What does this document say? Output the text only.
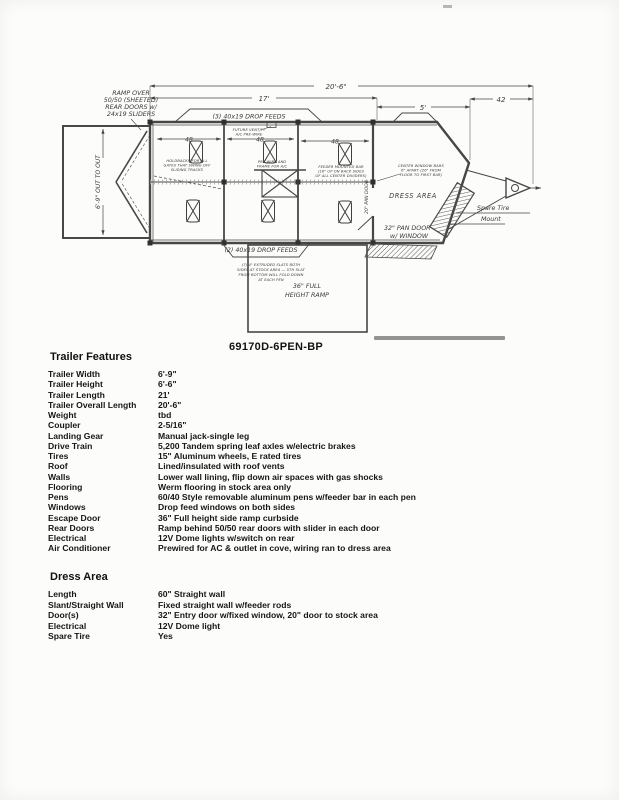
20'-6"
17'
5'
42
48	48	48
6'-9" OUT TO OUT
RAMP OVER
50/50 (SHEETED)
REAR DOORS w/
24x19 SLIDERS	(3) 40x19 DROP FEEDS
FUTURE VENT/FT
A/C PRE-WIRE
HOLDBACKS FOR ALL
GATES THAT SWING OFF
SLIDING TRACKS
PRE-WIRE AND
FRAME FOR A/C	FEEDER MOUNTED BAR
(16" UP ON BACK SIDES
OF ALL CENTER DIVIDERS)
CENTER WINDOW BARS
6" APART (26" FROM
FLOOR TO FIRST BAR)
DRESS AREA
20" PAN DOOR
32" PAN DOOR
w/ WINDOW
Spare Tire
Mount
(2) 40x19 DROP FEEDS
(7) 4" EXTRUDED SLATS BOTH
SIDES AT STOCK AREA — 5TH SLAT
FROM BOTTOM WILL FOLD DOWN
AT EACH PEN
36" FULL
HEIGHT RAMP
69170D-6PEN-BP
Trailer Features
Trailer Width	6'-9"
Trailer Height	6'-6"
Trailer Length	21'
Trailer Overall Length	20'-6"
Weight	tbd
Coupler	2-5/16"
Landing Gear	Manual jack-single leg
Drive Train	5,200 Tandem spring leaf axles w/electric brakes
Tires	15" Aluminum wheels, E rated tires
Roof	Lined/insulated with roof vents
Walls	Lower wall lining, flip down air spaces with gas shocks
Flooring	Werm flooring in stock area only
Pens	60/40 Style removable aluminum pens w/feeder bar in each pen
Windows	Drop feed windows on both sides
Escape Door	36" Full height side ramp curbside
Rear Doors	Ramp behind 50/50 rear doors with slider in each door
Electrical	12V Dome lights w/switch on rear
Air Conditioner	Prewired for AC & outlet in cove, wiring ran to dress area
Dress Area
Length	60" Straight wall
Slant/Straight Wall	Fixed straight wall w/feeder rods
Door(s)	32" Entry door w/fixed window, 20" door to stock area
Electrical	12V Dome light
Spare Tire	Yes
